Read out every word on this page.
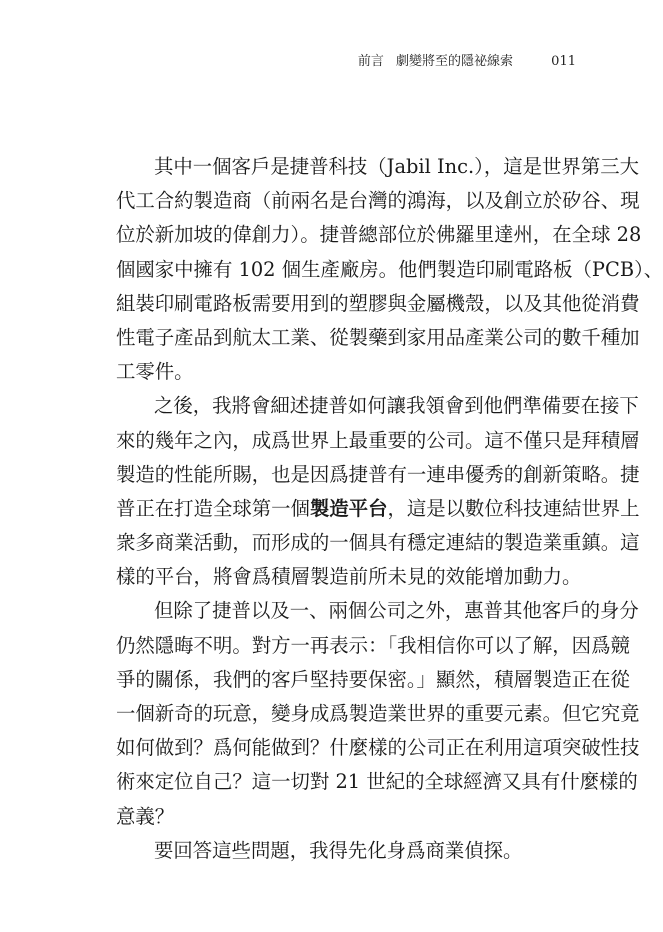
前言 劇變將至的隱祕線索	011
其中一個客戶是捷普科技（Jabil Inc.），這是世界第三大
代工合約製造商（前兩名是台灣的鴻海，以及創立於矽谷、現
位於新加坡的偉創力）。捷普總部位於佛羅里達州，在全球 28
個國家中擁有 102 個生產廠房。他們製造印刷電路板（PCB）、
組裝印刷電路板需要用到的塑膠與金屬機殼，以及其他從消費
性電子產品到航太工業、從製藥到家用品產業公司的數千種加
工零件。
之後，我將會細述捷普如何讓我領會到他們準備要在接下
來的幾年之內，成爲世界上最重要的公司。這不僅只是拜積層
製造的性能所賜，也是因爲捷普有一連串優秀的創新策略。捷
普正在打造全球第一個製造平台，這是以數位科技連結世界上
衆多商業活動，而形成的一個具有穩定連結的製造業重鎮。這
樣的平台，將會爲積層製造前所未見的效能增加動力。
但除了捷普以及一、兩個公司之外，惠普其他客戶的身分
仍然隱晦不明。對方一再表示：「我相信你可以了解，因爲競
爭的關係，我們的客戶堅持要保密。」顯然，積層製造正在從
一個新奇的玩意，變身成爲製造業世界的重要元素。但它究竟
如何做到？爲何能做到？什麼樣的公司正在利用這項突破性技
術來定位自己？這一切對 21 世紀的全球經濟又具有什麼樣的
意義？
要回答這些問題，我得先化身爲商業偵探。
